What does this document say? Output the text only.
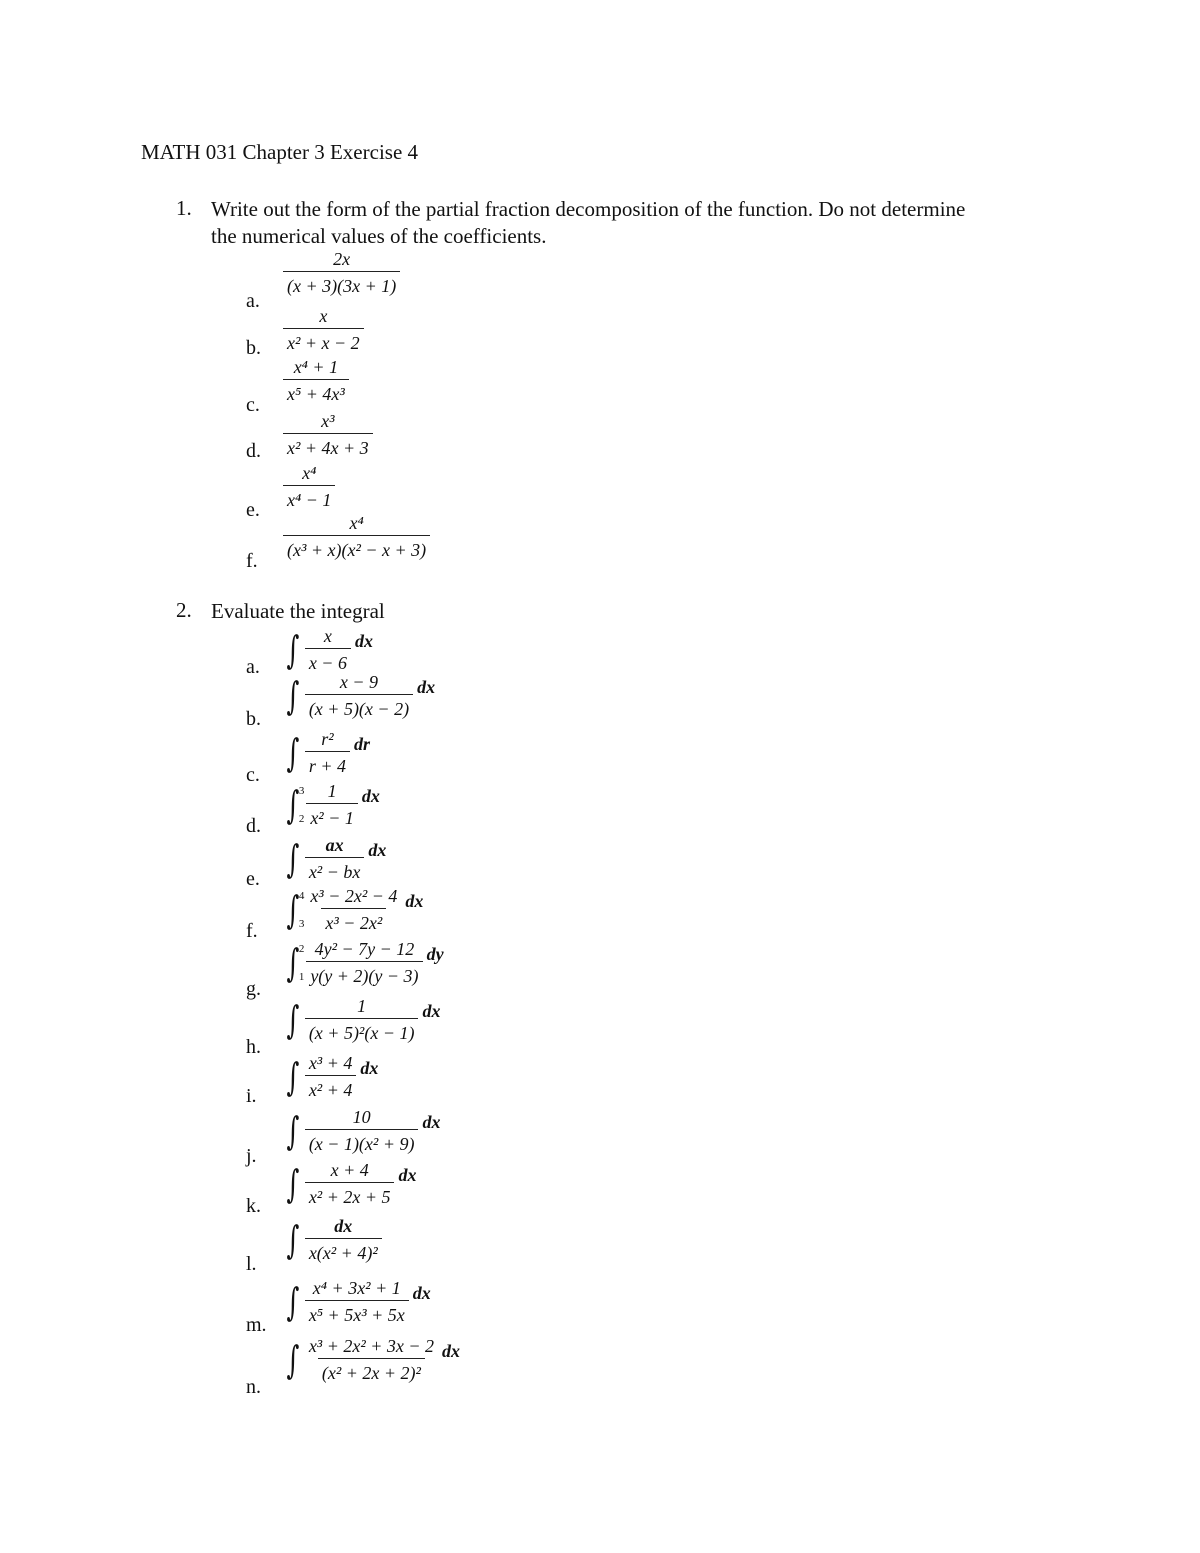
MATH 031 Chapter 3 Exercise 4
1. Write out the form of the partial fraction decomposition of the function. Do not determine
the numerical values of the coefficients.
a.
$\frac{2x}{(x + 3)(3x + 1)}$
b. $\frac{x}{\text{x² + x − 2}}$
c. $\frac{\text{x⁴ + 1}}{\text{x⁵ + 4x³}}$
d. $\frac{\text{x³}}{\text{x² + 4x + 3}}$
e. $\frac{\text{x⁴}}{\text{x⁴ − 1}}$
f. $\frac{\text{x⁴}}{\text{(x³ + x)(x² − x + 3)}}$
2. Evaluate the integral
a. ∫ $\frac{x}{x - 6}$ dx
b.
∫ $\frac{x - 9}{(x + 5)(x - 2)}$ dx
c.
∫ $\frac{\text{r²}}{r + 4}$ dr
d. ∫ 3
$2 \frac{1}{\text{x² − 1}}$ dx
e. ∫ $\frac{ax}{\text{x² − bx}}$ dx
f. ∫ 4
$3 \frac{\text{x³ − 2x² − 4}}{\text{x³ − 2x²}}$ dx
g.
∫ 2
$1 \frac{\text{4y² − 7y − 12}}{y(y + 2)(y - 3)}$ dy
h.
∫ $\frac{1}{\text{(x + 5)²(x − 1)}}$ dx
i. ∫ $\frac{\text{x³ + 4}}{\text{x² + 4}}$ dx
j.
∫ $\frac{10}{\text{(x − 1)(x² + 9)}}$ dx
k.
∫ $\frac{x + 4}{\text{x² + 2x + 5}}$ dx
l.
∫ $\frac{dx}{\text{x(x² + 4)²}}$
m.
∫ $\frac{\text{x⁴ + 3x² + 1}}{\text{x⁵ + 5x³ + 5x}}$ dx
n.
∫ $\frac{\text{x³ + 2x² + 3x − 2}}{\text{(x² + 2x + 2)²}}$ dx
